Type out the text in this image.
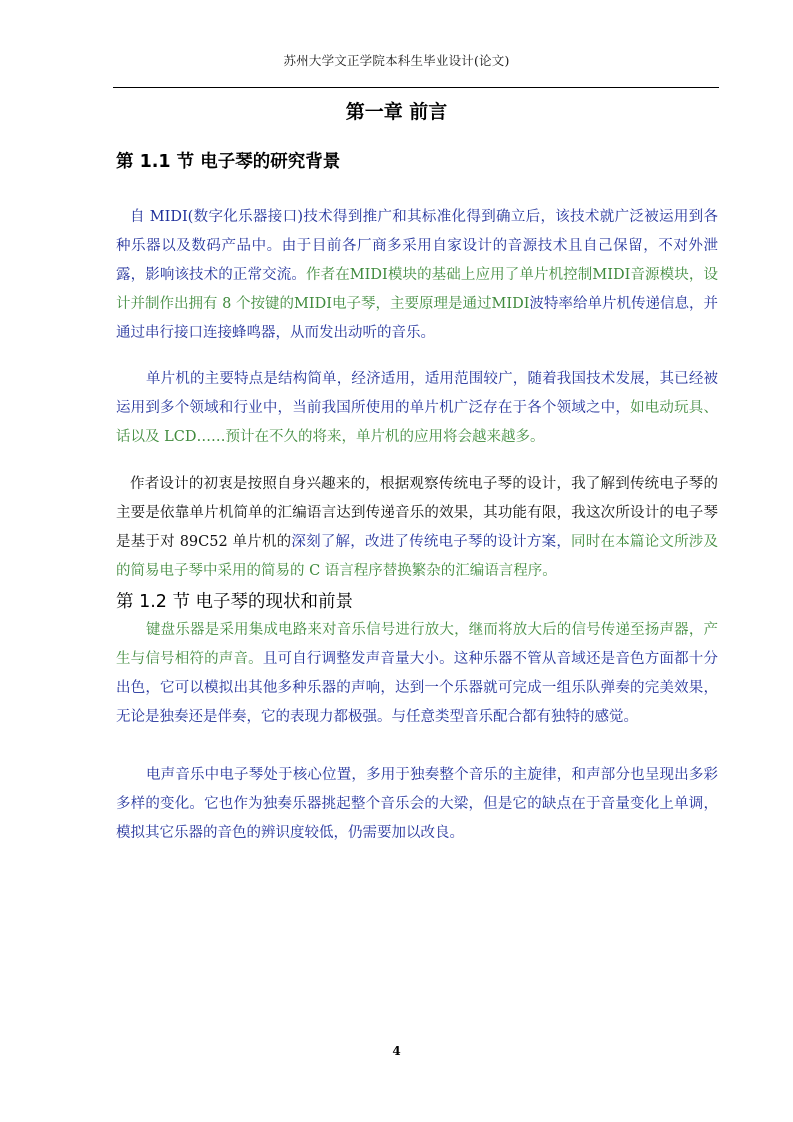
苏州大学文正学院本科生毕业设计(论文)
第一章 前言
第 1.1 节 电子琴的研究背景

自 MIDI(数字化乐器接口)技术得到推广和其标准化得到确立后，该技术就广泛被运用到各种乐器以及数码产品中。由于目前各厂商多采用自家设计的音源技术且自己保留，不对外泄露，影响该技术的正常交流。作者在MIDI模块的基础上应用了单片机控制MIDI音源模块，设计并制作出拥有 8 个按键的MIDI电子琴，主要原理是通过MIDI波特率给单片机传递信息，并通过串行接口连接蜂鸣器，从而发出动听的音乐。

单片机的主要特点是结构简单，经济适用，适用范围较广，随着我国技术发展，其已经被运用到多个领域和行业中，当前我国所使用的单片机广泛存在于各个领域之中，如电动玩具、话以及 LCD……预计在不久的将来，单片机的应用将会越来越多。

作者设计的初衷是按照自身兴趣来的，根据观察传统电子琴的设计，我了解到传统电子琴的主要是依靠单片机简单的汇编语言达到传递音乐的效果，其功能有限，我这次所设计的电子琴是基于对 89C52 单片机的深刻了解，改进了传统电子琴的设计方案，同时在本篇论文所涉及的简易电子琴中采用的简易的 C 语言程序替换繁杂的汇编语言程序。

第 1.2 节 电子琴的现状和前景

键盘乐器是采用集成电路来对音乐信号进行放大，继而将放大后的信号传递至扬声器，产生与信号相符的声音。且可自行调整发声音量大小。这种乐器不管从音域还是音色方面都十分出色，它可以模拟出其他多种乐器的声响，达到一个乐器就可完成一组乐队弹奏的完美效果，无论是独奏还是伴奏，它的表现力都极强。与任意类型音乐配合都有独特的感觉。

电声音乐中电子琴处于核心位置，多用于独奏整个音乐的主旋律，和声部分也呈现出多彩多样的变化。它也作为独奏乐器挑起整个音乐会的大梁，但是它的缺点在于音量变化上单调，模拟其它乐器的音色的辨识度较低，仍需要加以改良。

4
